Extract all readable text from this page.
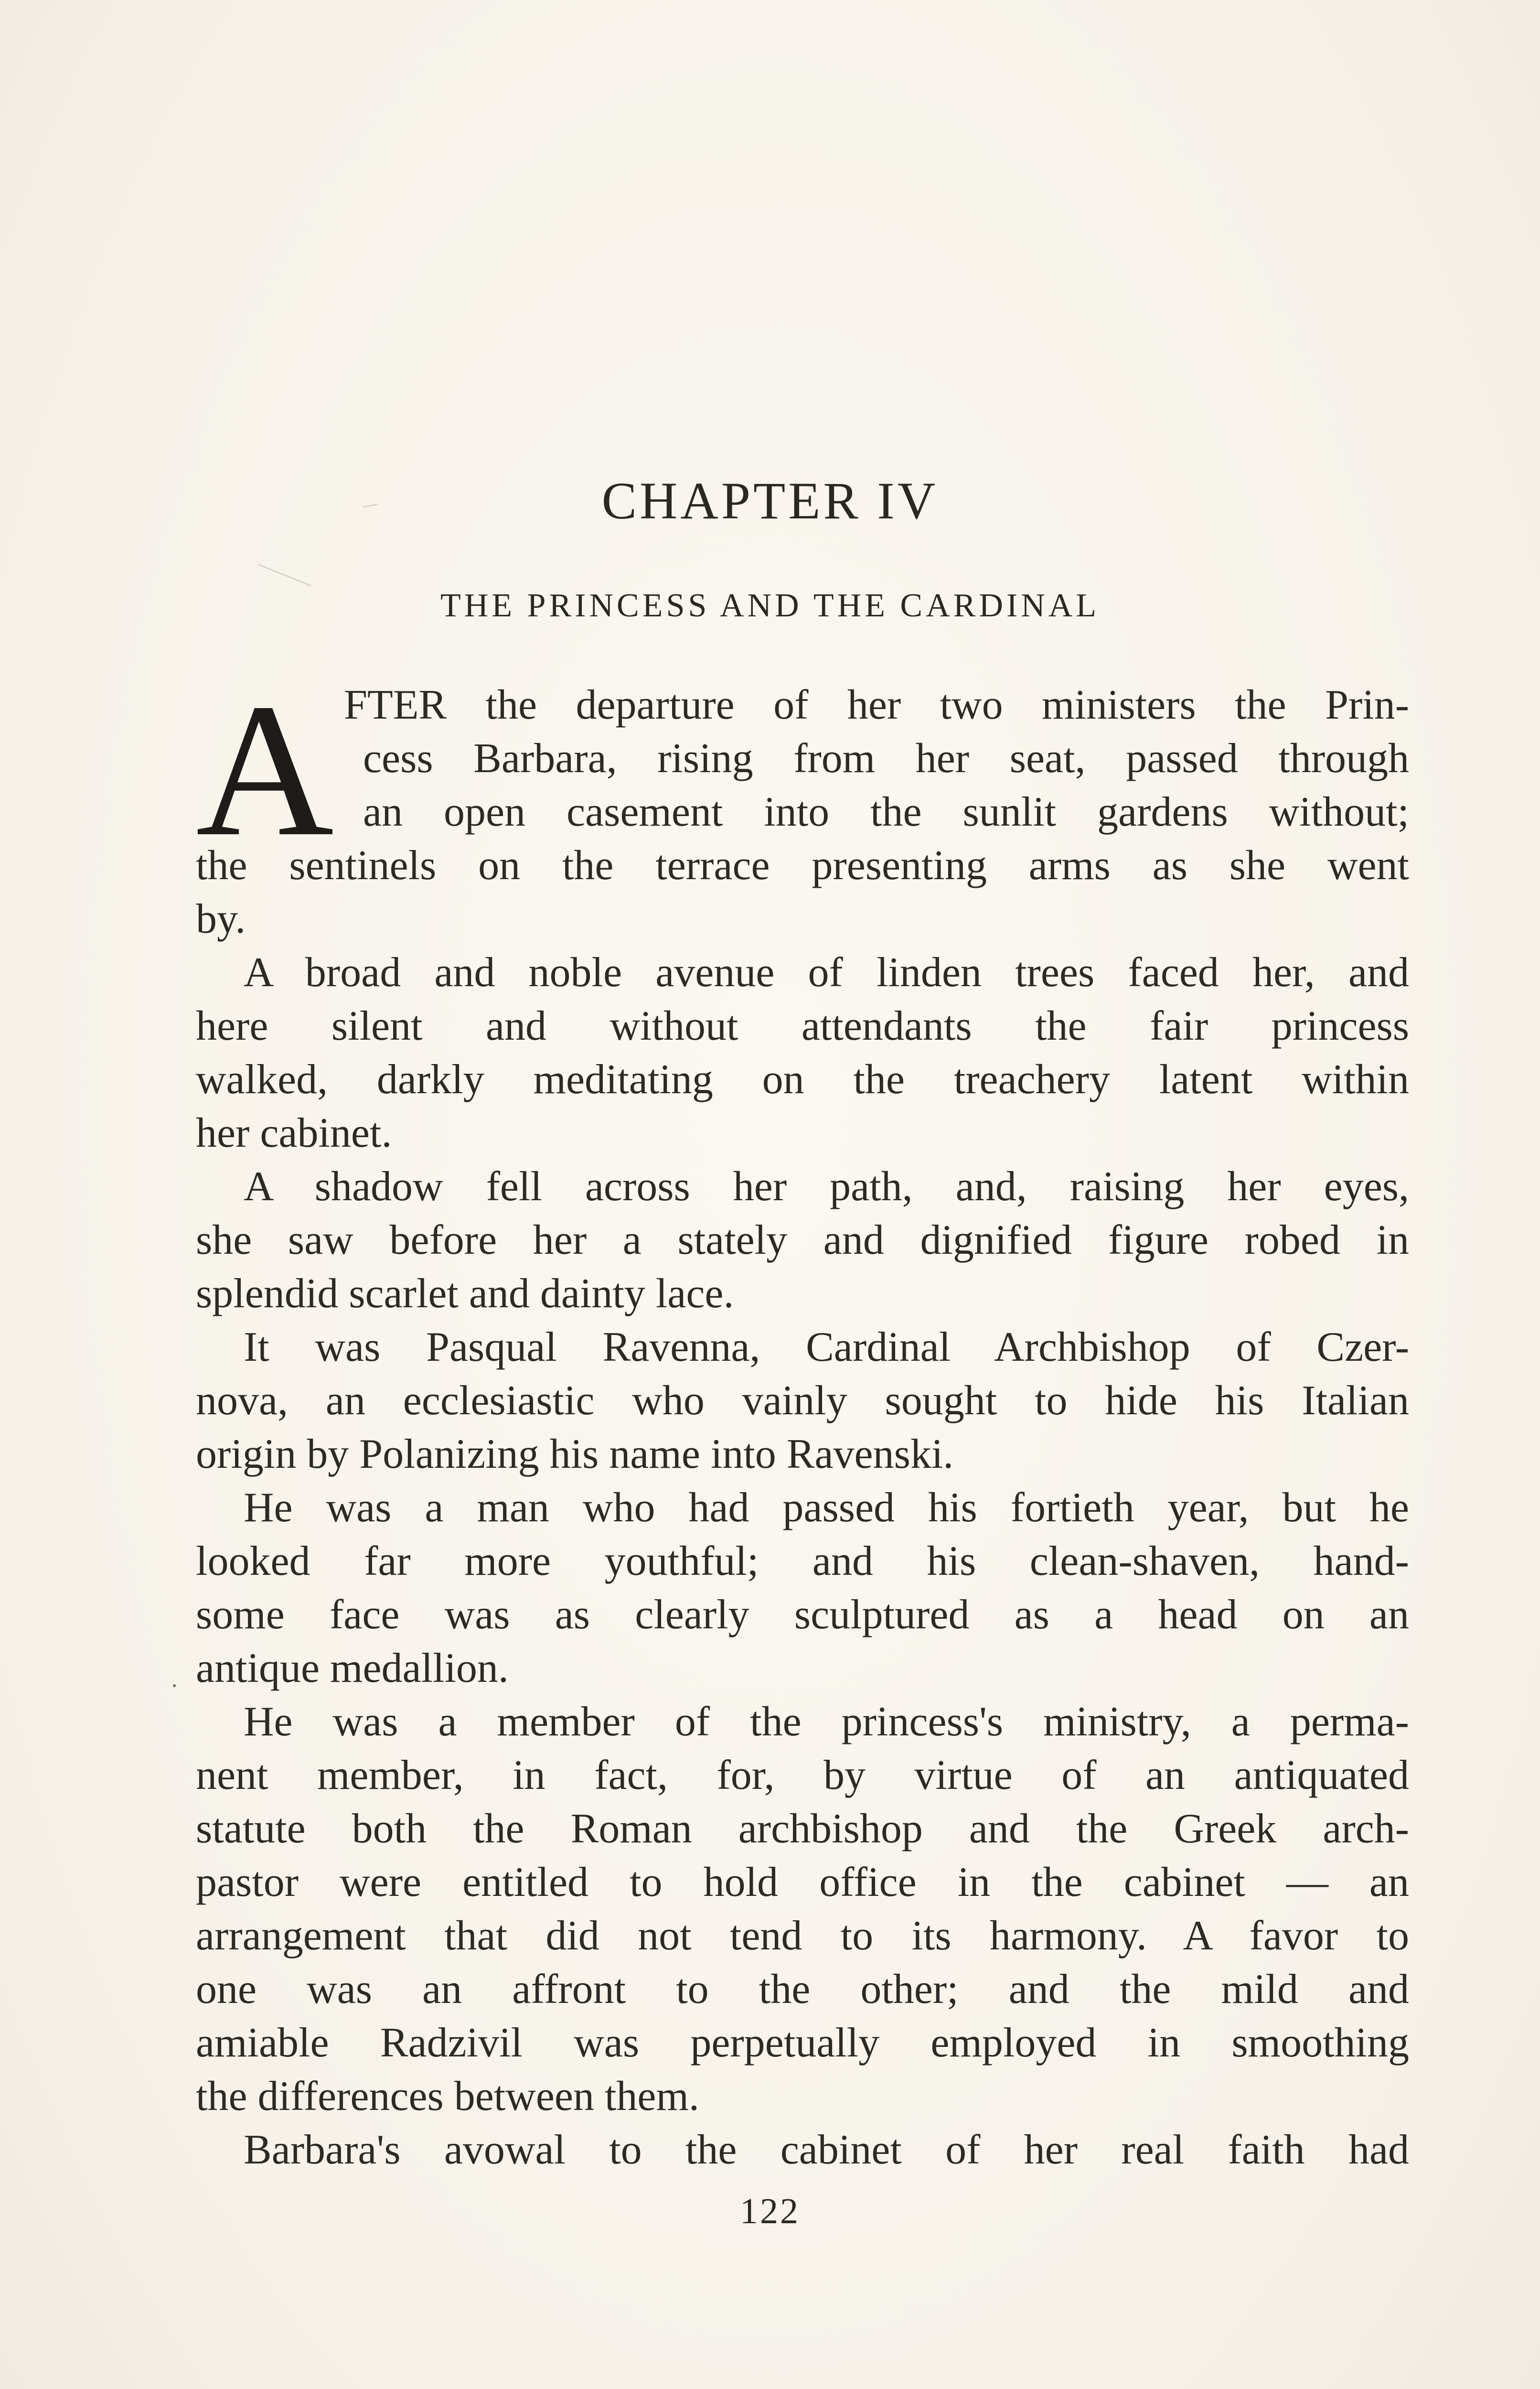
CHAPTER IV
THE PRINCESS AND THE CARDINAL
A FTER the departure of her two ministers the Prin-
cess Barbara, rising from her seat, passed through
an open casement into the sunlit gardens without;
the sentinels on the terrace presenting arms as she went
by.
A broad and noble avenue of linden trees faced her, and
here silent and without attendants the fair princess
walked, darkly meditating on the treachery latent within
her cabinet.
A shadow fell across her path, and, raising her eyes,
she saw before her a stately and dignified figure robed in
splendid scarlet and dainty lace.
It was Pasqual Ravenna, Cardinal Archbishop of Czer-
nova, an ecclesiastic who vainly sought to hide his Italian
origin by Polanizing his name into Ravenski.
He was a man who had passed his fortieth year, but he
looked far more youthful; and his clean-shaven, hand-
some face was as clearly sculptured as a head on an
antique medallion.
He was a member of the princess's ministry, a perma-
nent member, in fact, for, by virtue of an antiquated
statute both the Roman archbishop and the Greek arch-
pastor were entitled to hold office in the cabinet — an
arrangement that did not tend to its harmony. A favor to
one was an affront to the other; and the mild and
amiable Radzivil was perpetually employed in smoothing
the differences between them.
Barbara's avowal to the cabinet of her real faith had
122
